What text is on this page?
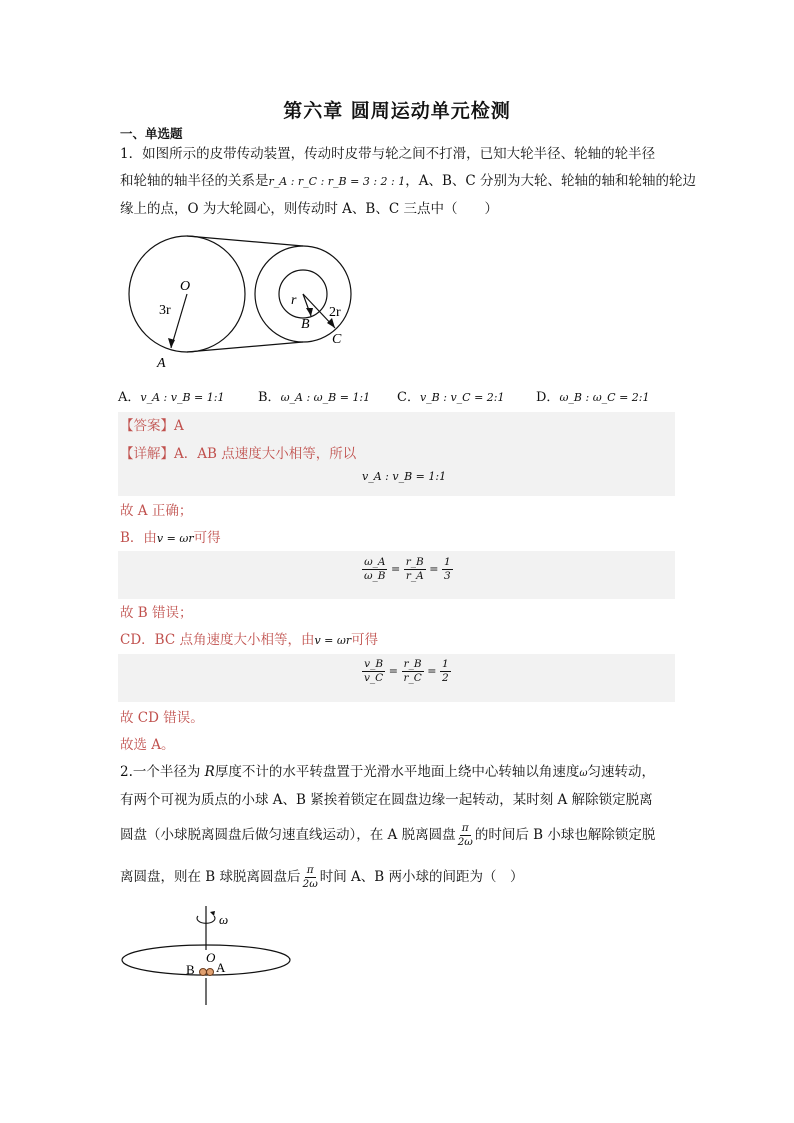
第六章 圆周运动单元检测
一、单选题
1．如图所示的皮带传动装置，传动时皮带与轮之间不打滑，已知大轮半径、轮轴的轮半径
和轮轴的轴半径的关系是r_A : r_C : r_B = 3 : 2 : 1，A、B、C 分别为大轮、轮轴的轴和轮轴的轮边
缘上的点，O 为大轮圆心，则传动时 A、B、C 三点中（　　）
O
3r
A
r
2r
B
C
A．v_A : v_B = 1:1	B．ω_A : ω_B = 1:1 C．v_B : v_C = 2:1 D．ω_B : ω_C = 2:1
【答案】A
【详解】A．AB 点速度大小相等，所以
v_A : v_B = 1:1
故 A 正确；
B．由v = ωr可得
$\frac{\omega\_A}{\omega\_B} = \frac{r\_B}{r\_A} = \frac{1}{3}$
故 B 错误；
CD．BC 点角速度大小相等，由v = ωr可得
$\frac{v\_B}{v\_C} = \frac{r\_B}{r\_C} = \frac{1}{2}$
故 CD 错误。
故选 A。
2.一个半径为 R厚度不计的水平转盘置于光滑水平地面上绕中心转轴以角速度ω匀速转动，
有两个可视为质点的小球 A、B 紧挨着锁定在圆盘边缘一起转动，某时刻 A 解除锁定脱离
圆盘（小球脱离圆盘后做匀速直线运动），在 A 脱离圆盘 $\frac{\pi}{2\omega}$ 的时间后 B 小球也解除锁定脱
离圆盘，则在 B 球脱离圆盘后 $\frac{\pi}{2\omega}$ 时间 A、B 两小球的间距为（　）
ω
O
B A
